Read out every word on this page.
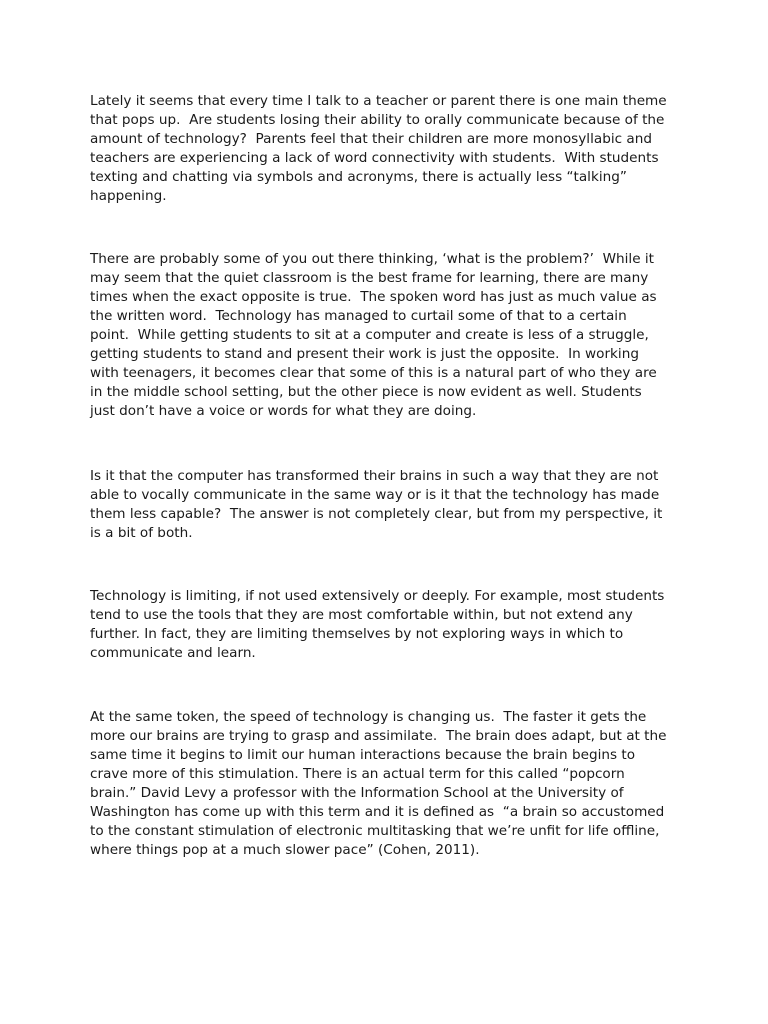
Lately it seems that every time I talk to a teacher or parent there is one main theme
that pops up.  Are students losing their ability to orally communicate because of the
amount of technology?  Parents feel that their children are more monosyllabic and
teachers are experiencing a lack of word connectivity with students.  With students
texting and chatting via symbols and acronyms, there is actually less “talking”
happening.

There are probably some of you out there thinking, ‘what is the problem?’  While it
may seem that the quiet classroom is the best frame for learning, there are many
times when the exact opposite is true.  The spoken word has just as much value as
the written word.  Technology has managed to curtail some of that to a certain
point.  While getting students to sit at a computer and create is less of a struggle,
getting students to stand and present their work is just the opposite.  In working
with teenagers, it becomes clear that some of this is a natural part of who they are
in the middle school setting, but the other piece is now evident as well. Students
just don’t have a voice or words for what they are doing.

Is it that the computer has transformed their brains in such a way that they are not
able to vocally communicate in the same way or is it that the technology has made
them less capable?  The answer is not completely clear, but from my perspective, it
is a bit of both.

Technology is limiting, if not used extensively or deeply. For example, most students
tend to use the tools that they are most comfortable within, but not extend any
further. In fact, they are limiting themselves by not exploring ways in which to
communicate and learn.

At the same token, the speed of technology is changing us.  The faster it gets the
more our brains are trying to grasp and assimilate.  The brain does adapt, but at the
same time it begins to limit our human interactions because the brain begins to
crave more of this stimulation. There is an actual term for this called “popcorn
brain.” David Levy a professor with the Information School at the University of
Washington has come up with this term and it is defined as  “a brain so accustomed
to the constant stimulation of electronic multitasking that we’re unfit for life offline,
where things pop at a much slower pace” (Cohen, 2011).
